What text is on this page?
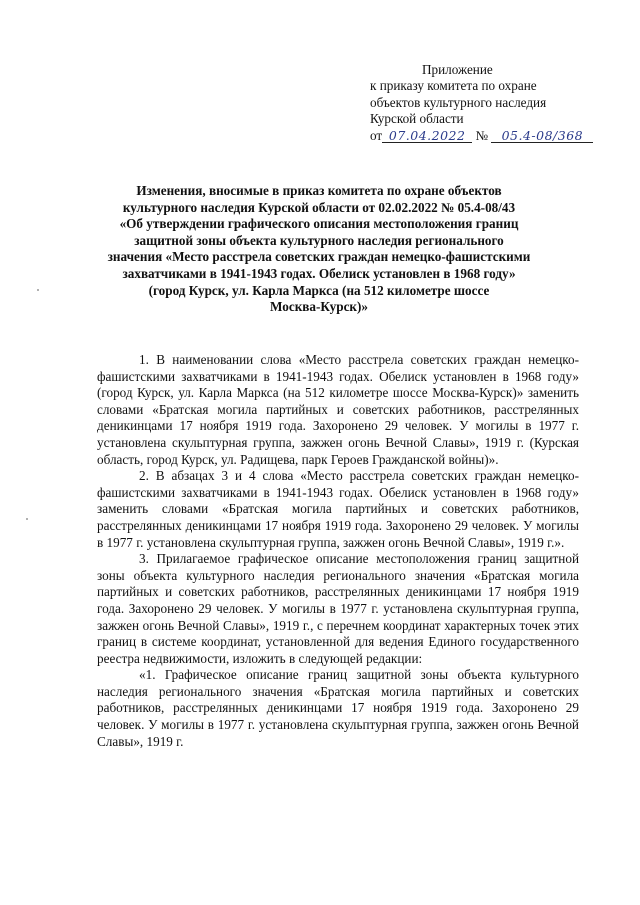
Приложение
к приказу комитета по охране
объектов культурного наследия
Курской области
от 07.04.2022 № 05.4-08/368
Изменения, вносимые в приказ комитета по охране объектов
культурного наследия Курской области от 02.02.2022 № 05.4-08/43
«Об утверждении графического описания местоположения границ
защитной зоны объекта культурного наследия регионального
значения «Место расстрела советских граждан немецко-фашистскими
захватчиками в 1941-1943 годах. Обелиск установлен в 1968 году»
(город Курск, ул. Карла Маркса (на 512 километре шоссе
Москва-Курск)»

1. В наименовании слова «Место расстрела советских граждан немецко-фашистскими захватчиками в 1941-1943 годах. Обелиск установлен в 1968 году» (город Курск, ул. Карла Маркса (на 512 километре шоссе Москва-Курск)» заменить словами «Братская могила партийных и советских работников, расстрелянных деникинцами 17 ноября 1919 года. Захоронено 29 человек. У могилы в 1977 г. установлена скульптурная группа, зажжен огонь Вечной Славы», 1919 г. (Курская область, город Курск, ул. Радищева, парк Героев Гражданской войны)».

2. В абзацах 3 и 4 слова «Место расстрела советских граждан немецко-фашистскими захватчиками в 1941-1943 годах. Обелиск установлен в 1968 году» заменить словами «Братская могила партийных и советских работников, расстрелянных деникинцами 17 ноября 1919 года. Захоронено 29 человек. У могилы в 1977 г. установлена скульптурная группа, зажжен огонь Вечной Славы», 1919 г.».

3. Прилагаемое графическое описание местоположения границ защитной зоны объекта культурного наследия регионального значения «Братская могила партийных и советских работников, расстрелянных деникинцами 17 ноября 1919 года. Захоронено 29 человек. У могилы в 1977 г. установлена скульптурная группа, зажжен огонь Вечной Славы», 1919 г., с перечнем координат характерных точек этих границ в системе координат, установленной для ведения Единого государственного реестра недвижимости, изложить в следующей редакции:

«1. Графическое описание границ защитной зоны объекта культурного наследия регионального значения «Братская могила партийных и советских работников, расстрелянных деникинцами 17 ноября 1919 года. Захоронено 29 человек. У могилы в 1977 г. установлена скульптурная группа, зажжен огонь Вечной Славы», 1919 г.
